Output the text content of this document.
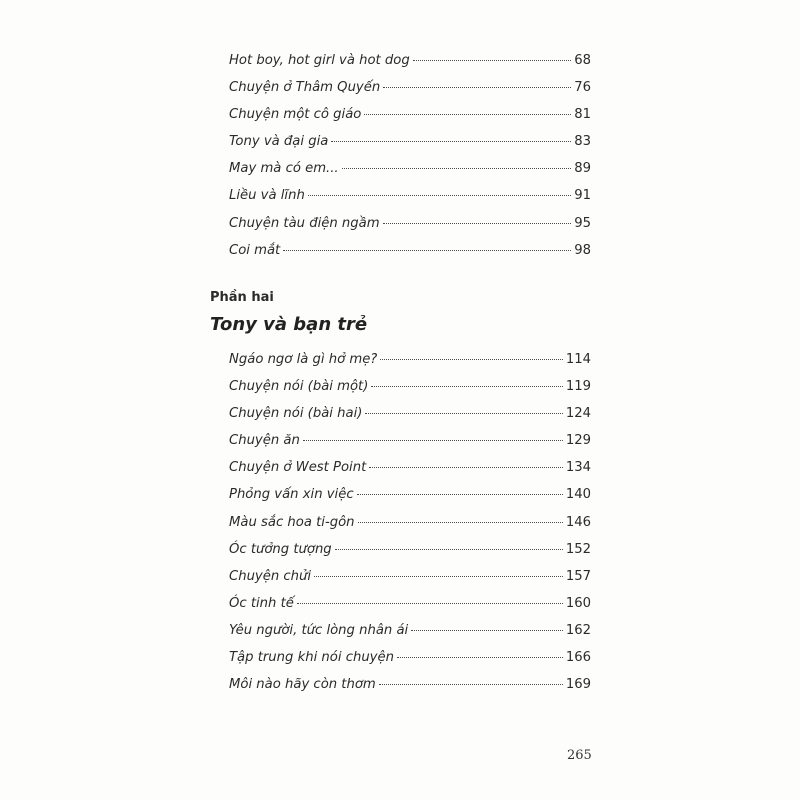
Hot boy, hot girl và hot dog	68
Chuyện ở Thâm Quyến	76
Chuyện một cô giáo	81
Tony và đại gia	83
May mà có em...	89
Liều và lĩnh	91
Chuyện tàu điện ngầm	95
Coi mắt	98
Phần hai
Tony và bạn trẻ
Ngáo ngơ là gì hở mẹ?	114
Chuyện nói (bài một)	119
Chuyện nói (bài hai)	124
Chuyện ăn	129
Chuyện ở West Point	134
Phỏng vấn xin việc	140
Màu sắc hoa ti-gôn	146
Óc tưởng tượng	152
Chuyện chửi	157
Óc tinh tế	160
Yêu người, tức lòng nhân ái	162
Tập trung khi nói chuyện	166
Môi nào hãy còn thơm	169
265
